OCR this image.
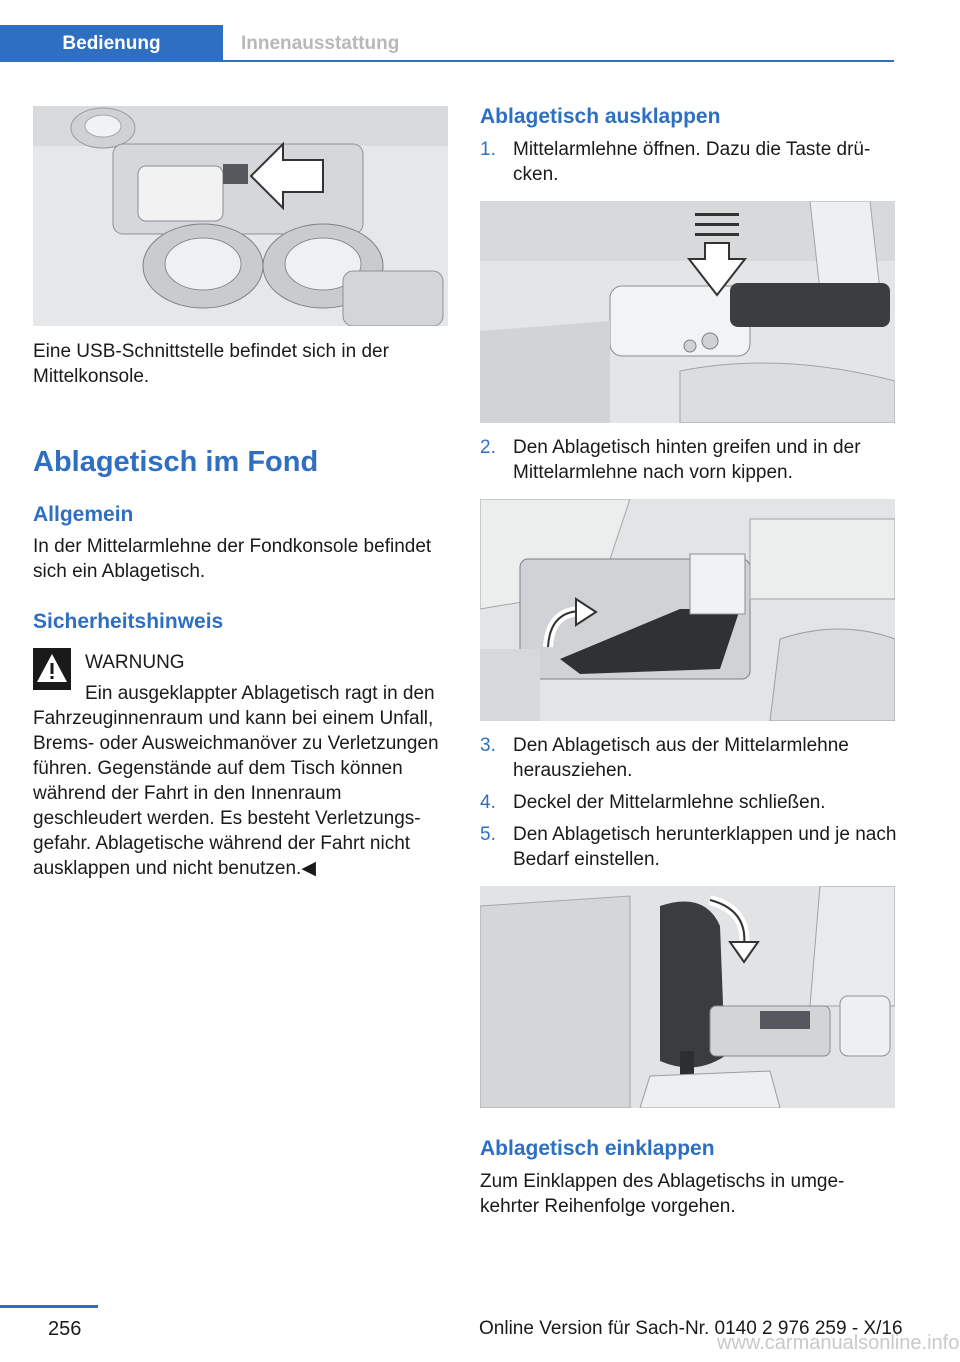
Bedienung	Innenausstattung
Eine USB-Schnittstelle befindet sich in der Mittelkonsole.
Ablagetisch im Fond
Allgemein
In der Mittelarmlehne der Fondkonsole befindet sich ein Ablagetisch.
Sicherheitshinweis
WARNUNG
Ein ausgeklappter Ablagetisch ragt in den Fahrzeuginnenraum und kann bei einem Unfall, Brems- oder Ausweichmanöver zu Verletzungen führen. Gegenstände auf dem Tisch können während der Fahrt in den Innenraum geschleudert werden. Es besteht Verletzungsgefahr. Ablagetische während der Fahrt nicht ausklappen und nicht benutzen.◀
Ablagetisch ausklappen
1. Mittelarmlehne öffnen. Dazu die Taste drücken.
2. Den Ablagetisch hinten greifen und in der Mittelarmlehne nach vorn kippen.
3. Den Ablagetisch aus der Mittelarmlehne herausziehen.
4. Deckel der Mittelarmlehne schließen.
5. Den Ablagetisch herunterklappen und je nach Bedarf einstellen.
Ablagetisch einklappen
Zum Einklappen des Ablagetischs in umgekehrter Reihenfolge vorgehen.
256	Online Version für Sach-Nr. 0140 2 976 259 - X/16
www.carmanualsonline.info
